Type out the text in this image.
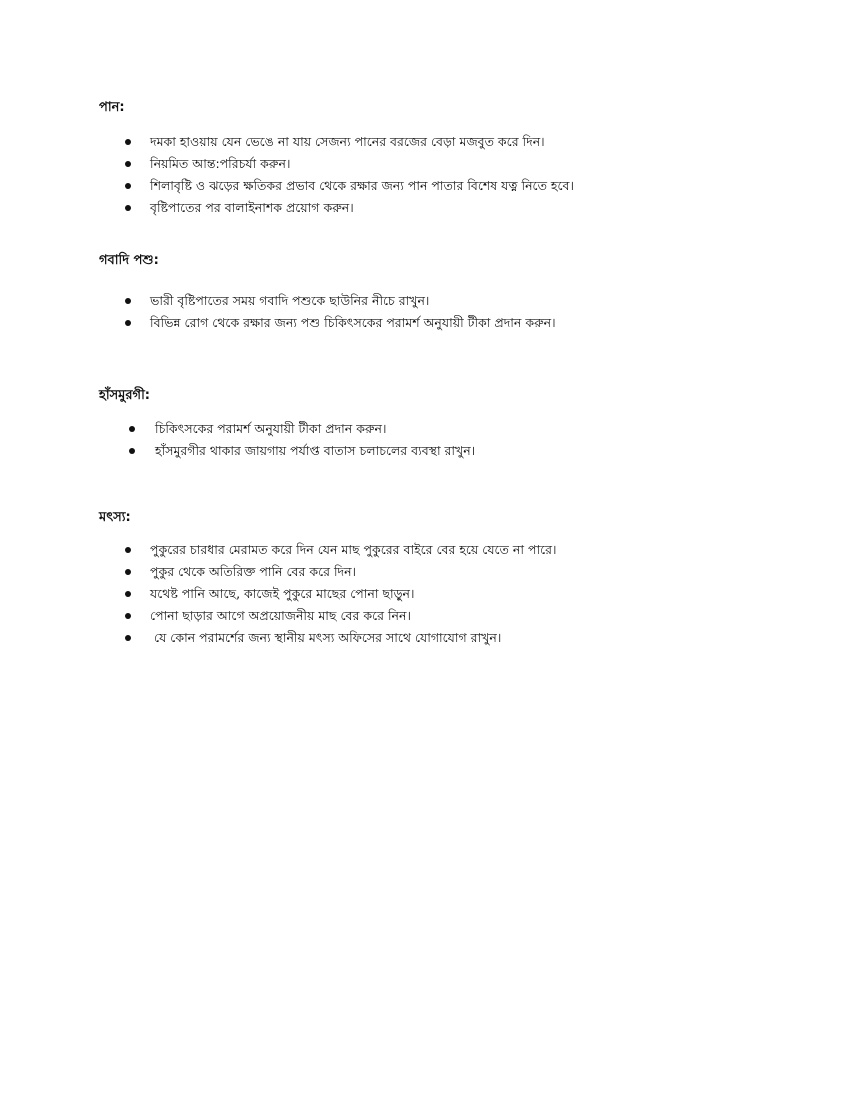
পান:
দমকা হাওয়ায় যেন ভেঙে না যায় সেজন্য পানের বরজের বেড়া মজবুত করে দিন।
নিয়মিত আন্ত:পরিচর্যা করুন।
শিলাবৃষ্টি ও ঝড়ের ক্ষতিকর প্রভাব থেকে রক্ষার জন্য পান পাতার বিশেষ যত্ন নিতে হবে।
বৃষ্টিপাতের পর বালাইনাশক প্রয়োগ করুন।
গবাদি পশু:
ভারী বৃষ্টিপাতের সময় গবাদি পশুকে ছাউনির নীচে রাখুন।
বিভিন্ন রোগ থেকে রক্ষার জন্য পশু চিকিৎসকের পরামর্শ অনুযায়ী টীকা প্রদান করুন।
হাঁসমুরগী:
চিকিৎসকের পরামর্শ অনুযায়ী টীকা প্রদান করুন।
হাঁসমুরগীর থাকার জায়গায় পর্যাপ্ত বাতাস চলাচলের ব্যবস্থা রাখুন।
মৎস্য:
পুকুরের চারধার মেরামত করে দিন যেন মাছ পুকুরের বাইরে বের হয়ে যেতে না পারে।
পুকুর থেকে অতিরিক্ত পানি বের করে দিন।
যথেষ্ট পানি আছে, কাজেই পুকুরে মাছের পোনা ছাড়ুন।
পোনা ছাড়ার আগে অপ্রয়োজনীয় মাছ বের করে নিন।
যে কোন পরামর্শের জন্য স্থানীয় মৎস্য অফিসের সাথে যোগাযোগ রাখুন।
